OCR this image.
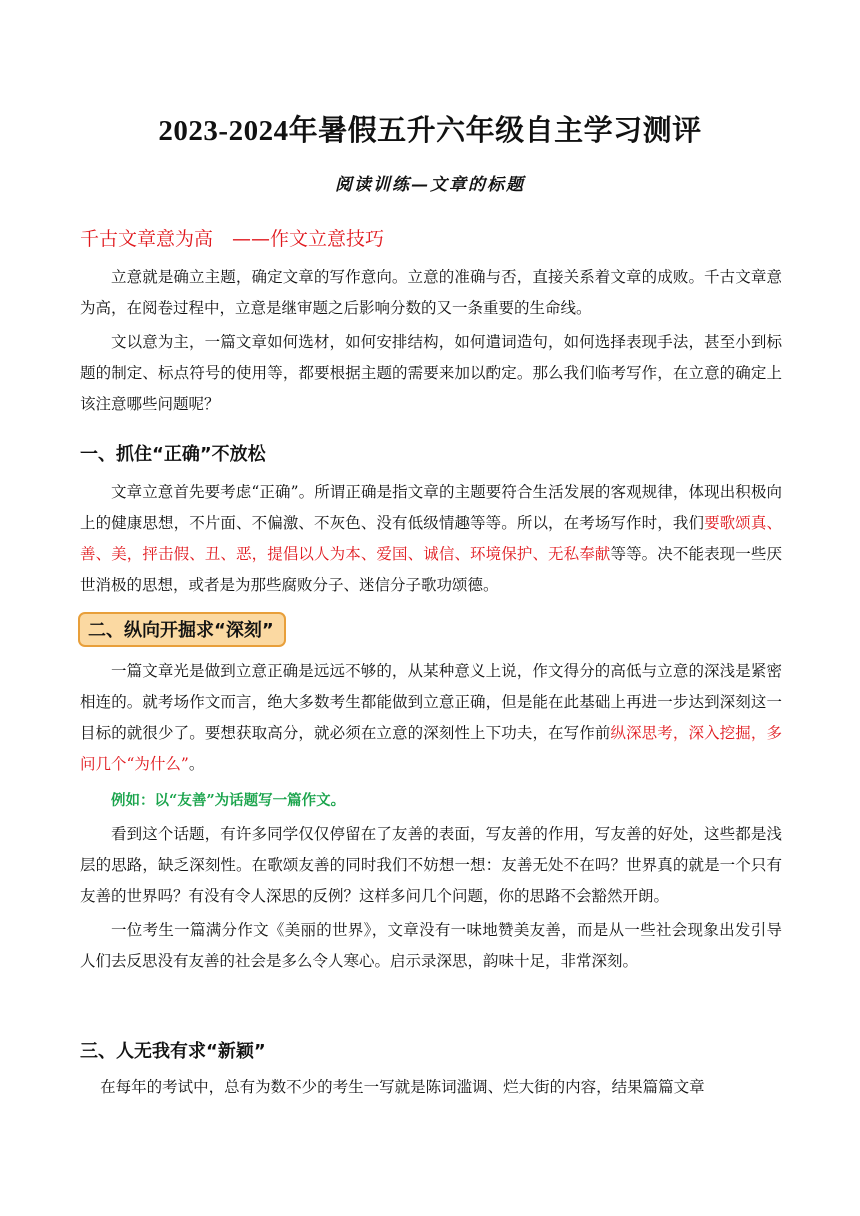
2023-2024年暑假五升六年级自主学习测评
阅读训练—文章的标题
千古文章意为高　——作文立意技巧

立意就是确立主题，确定文章的写作意向。立意的准确与否，直接关系着文章的成败。千古文章意为高，在阅卷过程中，立意是继审题之后影响分数的又一条重要的生命线。

文以意为主，一篇文章如何选材，如何安排结构，如何遣词造句，如何选择表现手法，甚至小到标题的制定、标点符号的使用等，都要根据主题的需要来加以酌定。那么我们临考写作，在立意的确定上该注意哪些问题呢？

一、抓住“正确”不放松

文章立意首先要考虑“正确”。所谓正确是指文章的主题要符合生活发展的客观规律，体现出积极向上的健康思想，不片面、不偏激、不灰色、没有低级情趣等等。所以，在考场写作时，我们要歌颂真、善、美，抨击假、丑、恶，提倡以人为本、爱国、诚信、环境保护、无私奉献等等。决不能表现一些厌世消极的思想，或者是为那些腐败分子、迷信分子歌功颂德。

二、纵向开掘求“深刻”

一篇文章光是做到立意正确是远远不够的，从某种意义上说，作文得分的高低与立意的深浅是紧密相连的。就考场作文而言，绝大多数考生都能做到立意正确，但是能在此基础上再进一步达到深刻这一目标的就很少了。要想获取高分，就必须在立意的深刻性上下功夫，在写作前纵深思考，深入挖掘，多问几个“为什么”。

例如：以“友善”为话题写一篇作文。

看到这个话题，有许多同学仅仅停留在了友善的表面，写友善的作用，写友善的好处，这些都是浅层的思路，缺乏深刻性。在歌颂友善的同时我们不妨想一想：友善无处不在吗？世界真的就是一个只有友善的世界吗？有没有令人深思的反例？这样多问几个问题，你的思路不会豁然开朗。

一位考生一篇满分作文《美丽的世界》，文章没有一味地赞美友善，而是从一些社会现象出发引导人们去反思没有友善的社会是多么令人寒心。启示录深思，韵味十足，非常深刻。

三、人无我有求“新颖”

在每年的考试中，总有为数不少的考生一写就是陈词滥调、烂大街的内容，结果篇篇文章
